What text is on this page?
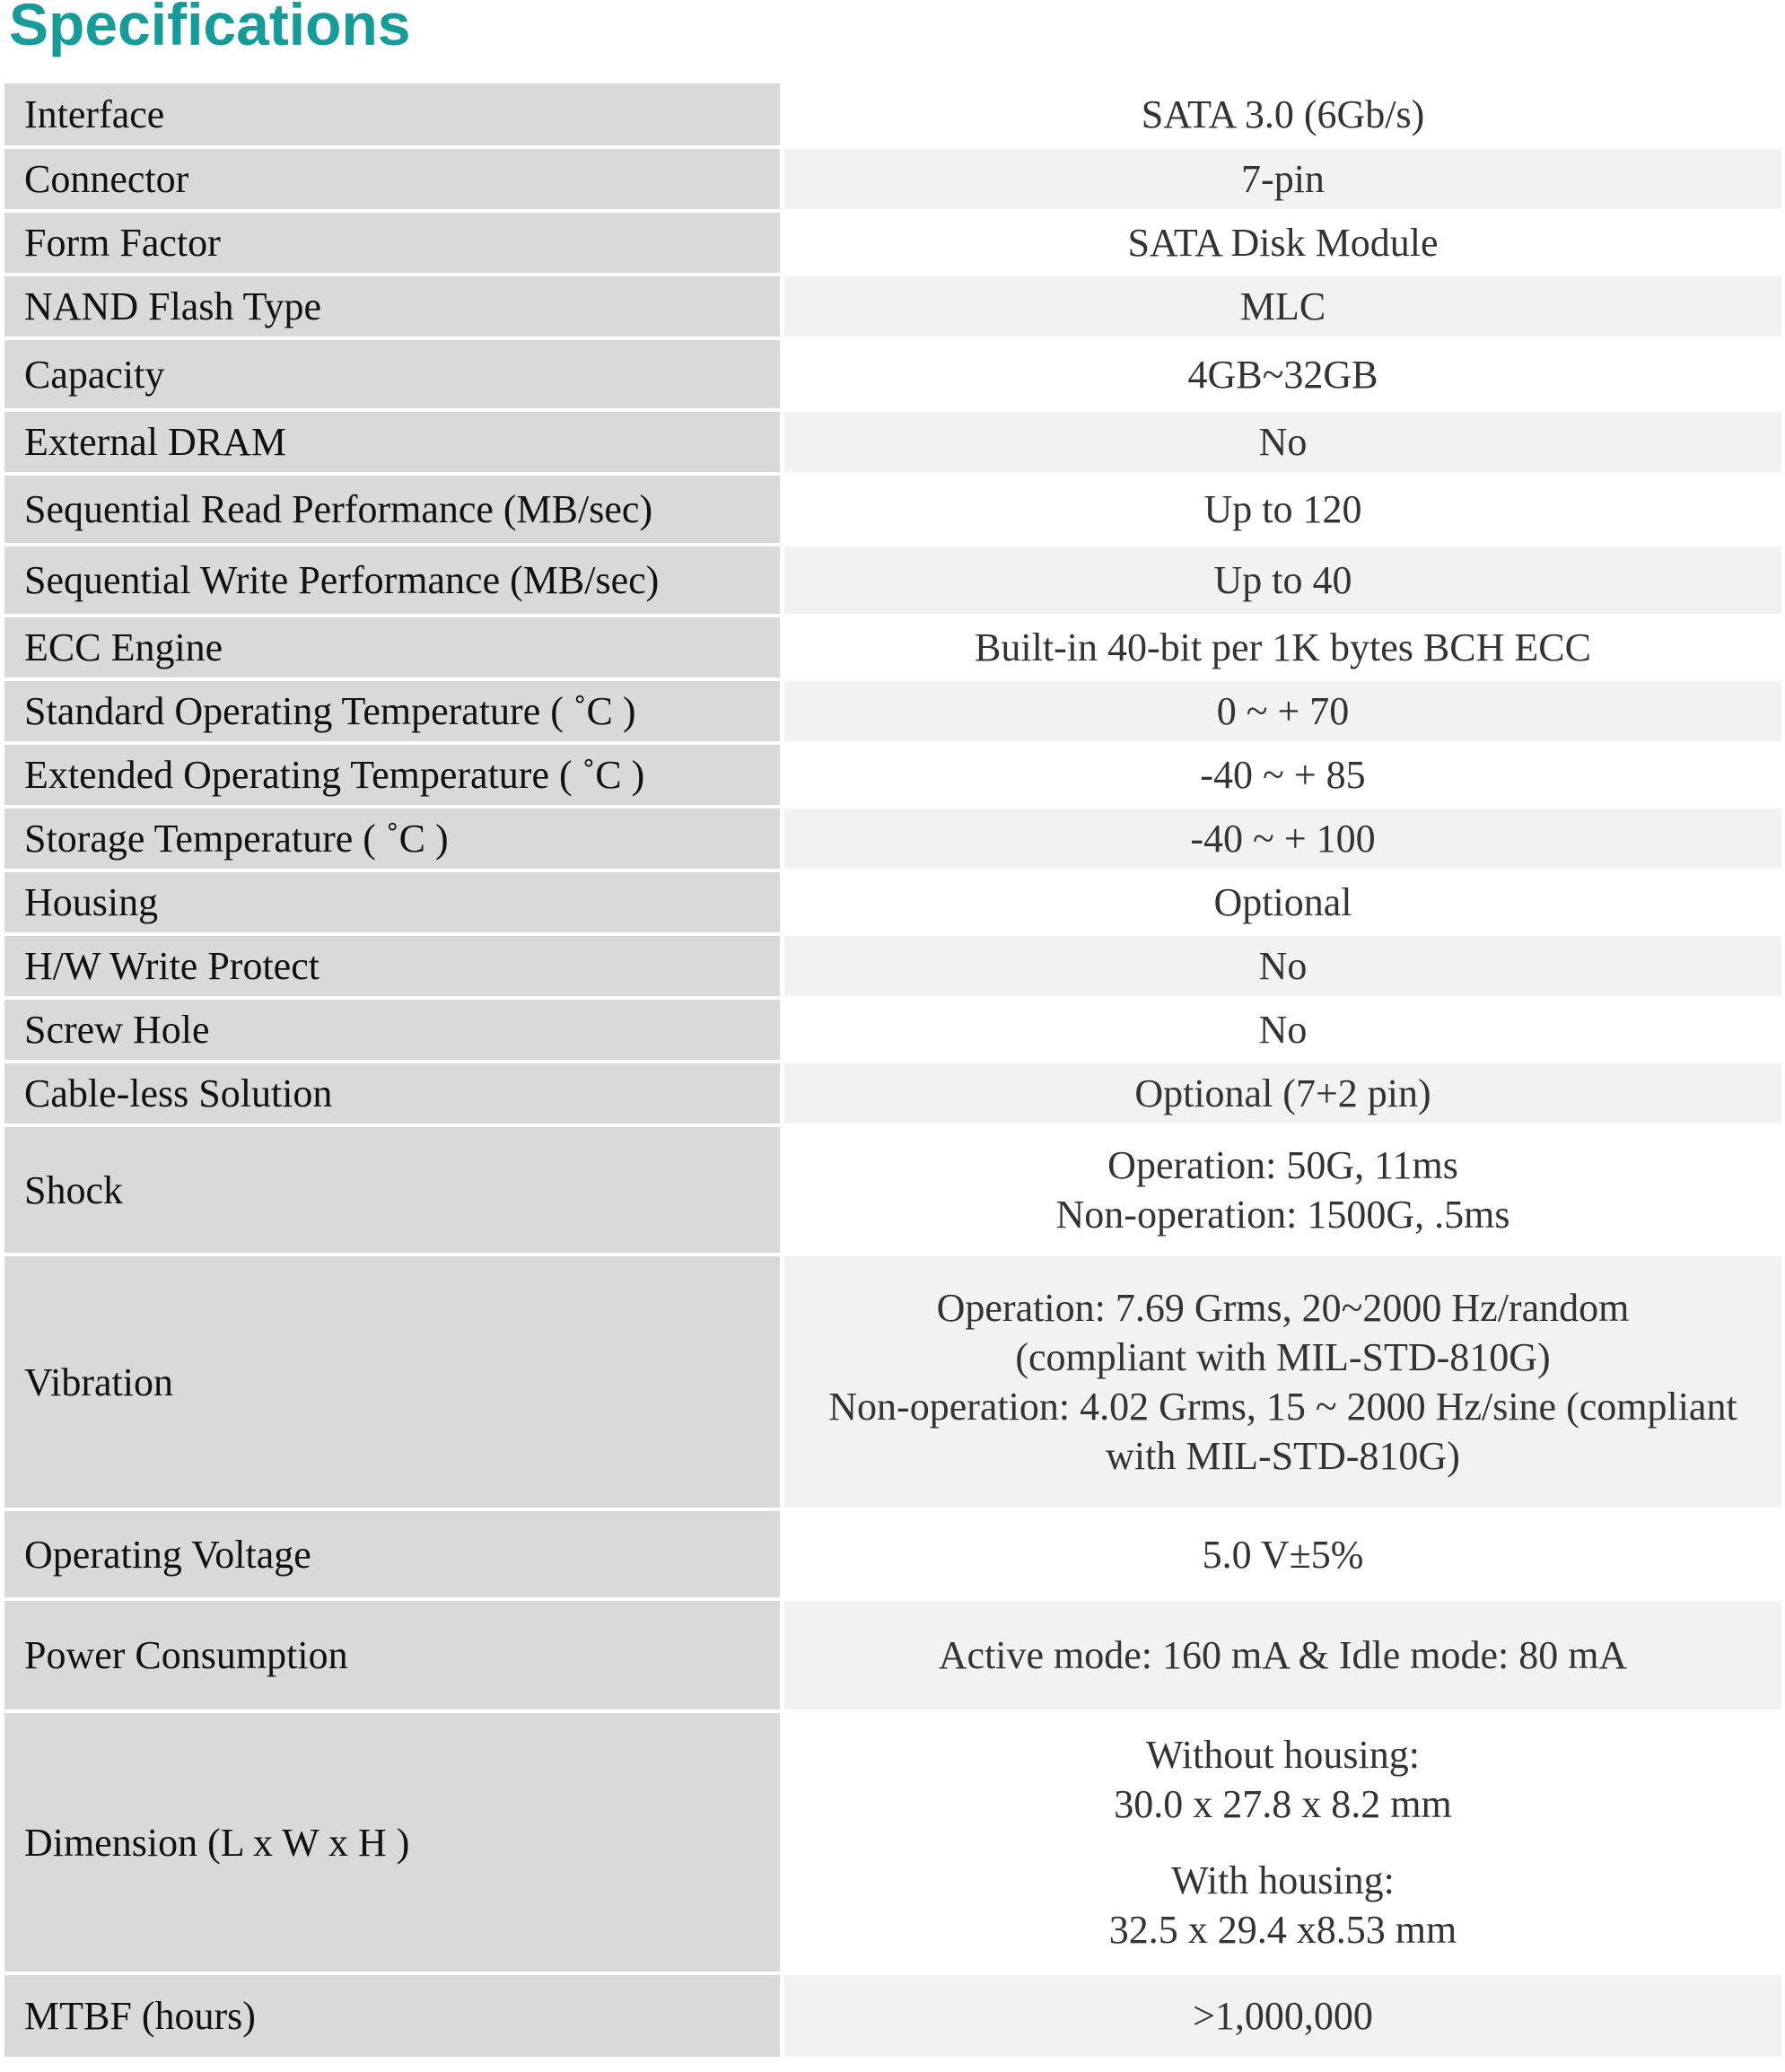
Specifications
Interface	SATA 3.0 (6Gb/s)
Connector	7-pin
Form Factor	SATA Disk Module
NAND Flash Type	MLC
Capacity	4GB~32GB
External DRAM	No
Sequential Read Performance (MB/sec)	Up to 120
Sequential Write Performance (MB/sec)	Up to 40
ECC Engine	Built-in 40-bit per 1K bytes BCH ECC
Standard Operating Temperature ( ˚C )	0 ~ + 70
Extended Operating Temperature ( ˚C )	-40 ~ + 85
Storage Temperature ( ˚C )	-40 ~ + 100
Housing	Optional
H/W Write Protect	No
Screw Hole	No
Cable-less Solution	Optional (7+2 pin)
Shock	Operation: 50G, 11ms
Non-operation: 1500G, .5ms

Vibration	Operation: 7.69 Grms, 20~2000 Hz/random
(compliant with MIL-STD-810G)
Non-operation: 4.02 Grms, 15 ~ 2000 Hz/sine (compliant
with MIL-STD-810G)

Operating Voltage	5.0 V±5%
Power Consumption	Active mode: 160 mA & Idle mode: 80 mA
Dimension (L x W x H )	Without housing:
30.0 x 27.8 x 8.2 mm
With housing:
32.5 x 29.4 x8.53 mm

MTBF (hours)	>1,000,000
